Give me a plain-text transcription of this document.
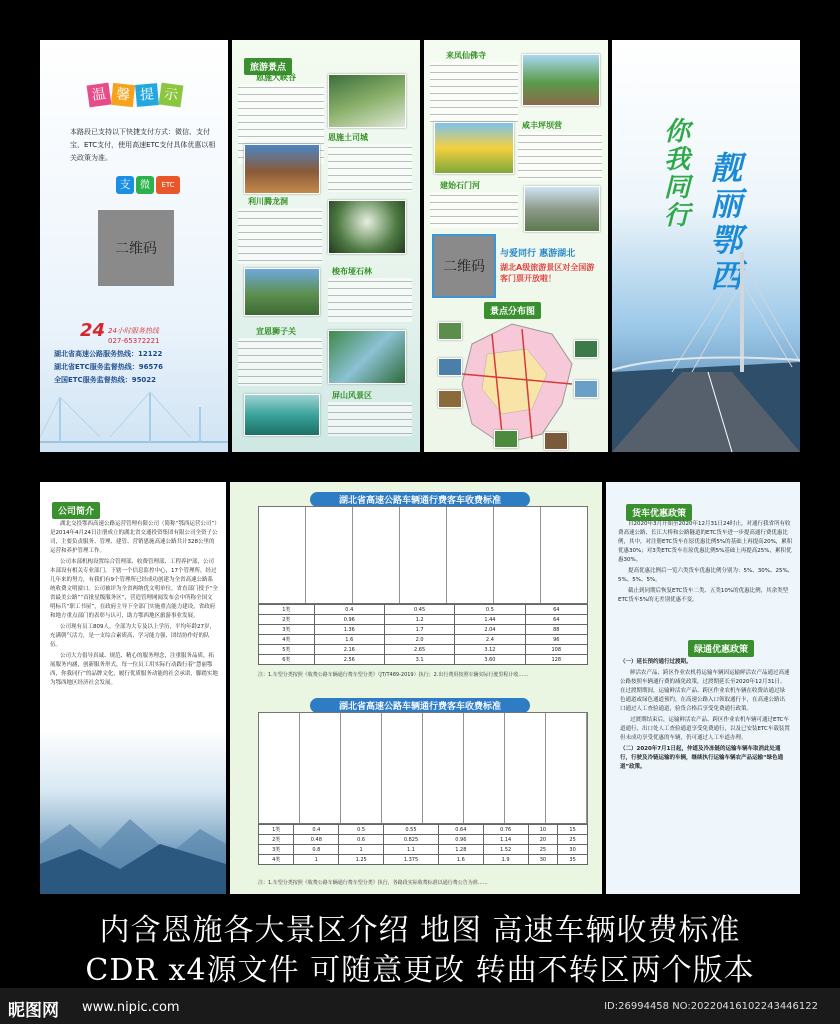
温 馨 提 示
本路段已支持以下快捷支付方式：微信、支付宝、ETC支付，使用高速ETC支付具体优惠以相关政策为准。
支 微	ETC
二维码
24 24小时服务热线
027-65372221
湖北省高速公路服务热线：12122
湖北省ETC服务监督热线：96576
全国ETC服务监督热线：95022
旅游景点
恩施大峡谷
恩施土司城
利川腾龙洞
梭布垭石林
宣恩狮子关
屏山风景区
来凤仙佛寺
咸丰坪坝营
建始石门河
二维码
与爱同行 惠游湖北
湖北A级旅游景区对全国游客门票开放啦！
景点分布图
你我同行
靓丽鄂西
公司简介

湖北交投鄂西高速公路运营管理有限公司（简称“鄂西运营公司”）是2014年4月24日注册成立的湖北省交通投资集团有限公司全资子公司，主要负责服务、管理、建管、营销恩施高速公路共计328公里的运营和养护管理工作。

公司本部机构设置综合管理部、收费管理部、工程养护部，公司本部设有相关专业部门，下辖一个信息监控中心，17个管理所，经过几年来的努力，有我们有9个管理所已经成功创建为全省高速公路系统收费文明窗口。公司被评为全省两纳优文明单位，省直部门授予“全省最美公路”“首批星级服务区”，营造管理网闻发布会中所称全国文明标兵“职工书屋”，在政府主导下全部门实施重点能力建设，省政府和地方重点部门的表彰与认可，助力鄂西地区旅游事业发展。

公司现有员工809人，全部为大专及以上学历，平均年龄27岁，充满朝气活力，是一支综合素质高、学习能力强、团结协作好的队伍。

公司大力倡导真诚、规范、精心的服务理念，注重服务品质，拓展服务内涵，创新服务形式，每一位员工用实际行动践行着“慧丽鄂西，你我同行”的品牌文化，履行优质服务动能的社会承诺，脚踏实地为鄂西地区经济社会发展。

湖北省高速公路车辆通行费客车收费标准
1类	0.4	0.45	0.5	64
2类	0.96	1.2	1.44	64
3类	1.36	1.7	2.04	88
4类	1.6	2.0	2.4	96
5类	2.16	2.65	3.12	108
6类	2.56	3.1	3.60	128
注：1.车型分类按照《收费公路车辆通行费车型分类》（JT/T489-2019）执行；2.出行费用按照车辆实际行驶里程计收……
湖北省高速公路车辆通行费客车收费标准
1类	0.4	0.5	0.55	0.64	0.76	10	15
2类	0.48	0.6	0.825	0.96	1.14	20	25
3类	0.8	1	1.1	1.28	1.52	25	30
4类	1	1.25	1.375	1.6	1.9	30	35
注：1.车型分类按照《收费公路车辆通行费车型分类》执行，各路段实际收费标准以通行费公告为准……
货车优惠政策

自2020年3月开始至2020年12月31日24时止，对通行我省所有收费高速公路、长江大桥和公路隧道的ETC货车进一步提高通行费优惠比例，其中，对注册ETC货车在原优惠比例5%的基础上再提高20%，累积优惠30%；对3类ETC货车在原优惠比例5%基础上再提高25%，累积优惠30%。

提高优惠比例后一览六类货车优惠比例分别为：5%、30%、25%、5%、5%、5%。

截止到同期后恢复ETC货车二类、五类10%的优惠比例，其余类型ETC货车5%的无差别优惠不变。

绿通优惠政策

（一）延长预约通行过渡期。

鲜活农产品、跨区作业农机将运输车辆因运输鲜活农产品通过高速公路按照车辆通行费的减免政策，过渡期延长至2020年12月31日。在过渡期期间，运输鲜活农产品、跨区作业农机车辆在收费站通过绿色通道或绿色通道预约，在高速公路入口领取通行卡，在高速公路出口通过人工查验通道，验货合格后享受免费通行政策。

过渡期结束后，运输鲜活农产品、跨区作业农机车辆可通过ETC车道通行，出口处人工查验通道享受免费通行，以及已安装ETC车载装置但未成功享受优惠的车辆，仍可通过人工车道办理。

（二）2020年7月1日起，仲道及冷冻链的运输车辆车取消此处通行，行驶及冷链运输的车辆，继续执行运输车辆农产品运输“绿色通道”政策。

内含恩施各大景区介绍 地图 高速车辆收费标准
CDR x4源文件 可随意更改 转曲不转区两个版本
昵图网 www.nipic.com	ID:26994458 NO:20220416102243446122
